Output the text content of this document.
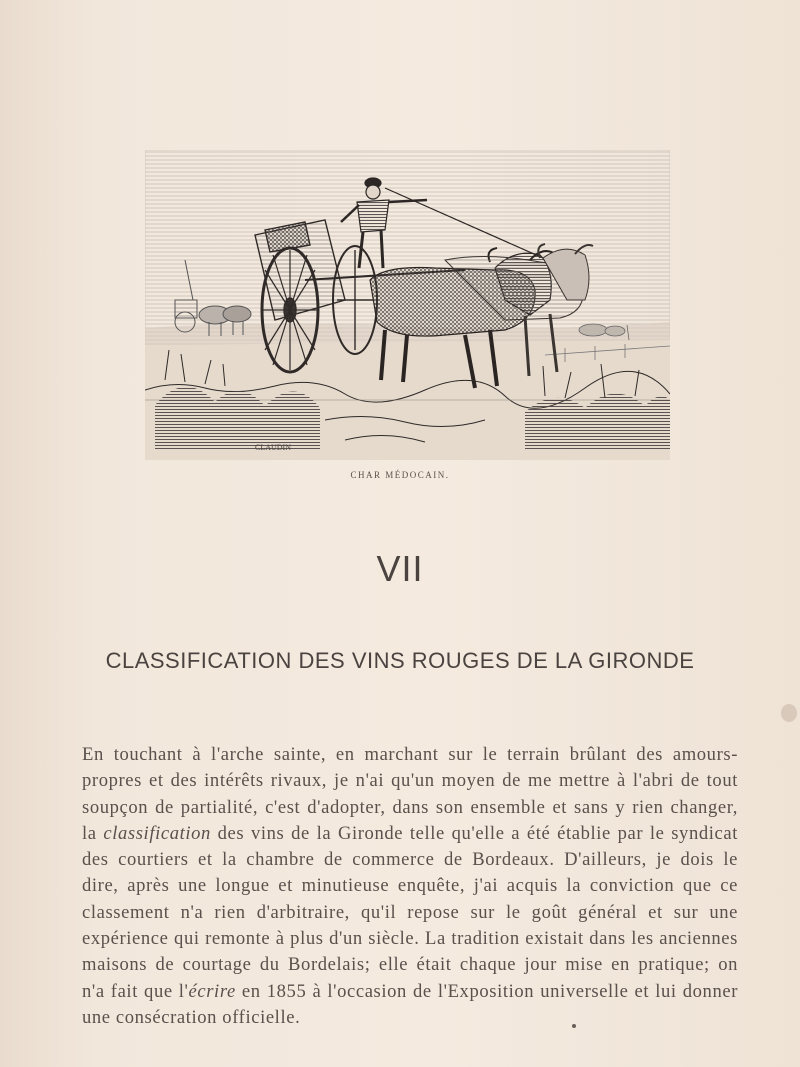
CLAUDIN
CHAR MÉDOCAIN.
VII
CLASSIFICATION DES VINS ROUGES DE LA GIRONDE
En touchant à l'arche sainte, en marchant sur le terrain brûlant des amours-
propres et des intérêts rivaux, je n'ai qu'un moyen de me mettre à l'abri de tout
soupçon de partialité, c'est d'adopter, dans son ensemble et sans y rien changer,
la classification des vins de la Gironde telle qu'elle a été établie par le syndicat
des courtiers et la chambre de commerce de Bordeaux. D'ailleurs, je dois le
dire, après une longue et minutieuse enquête, j'ai acquis la conviction que ce
classement n'a rien d'arbitraire, qu'il repose sur le goût général et sur une
expérience qui remonte à plus d'un siècle. La tradition existait dans les anciennes
maisons de courtage du Bordelais; elle était chaque jour mise en pratique; on
n'a fait que l'écrire en 1855 à l'occasion de l'Exposition universelle et lui donner
une consécration officielle.
